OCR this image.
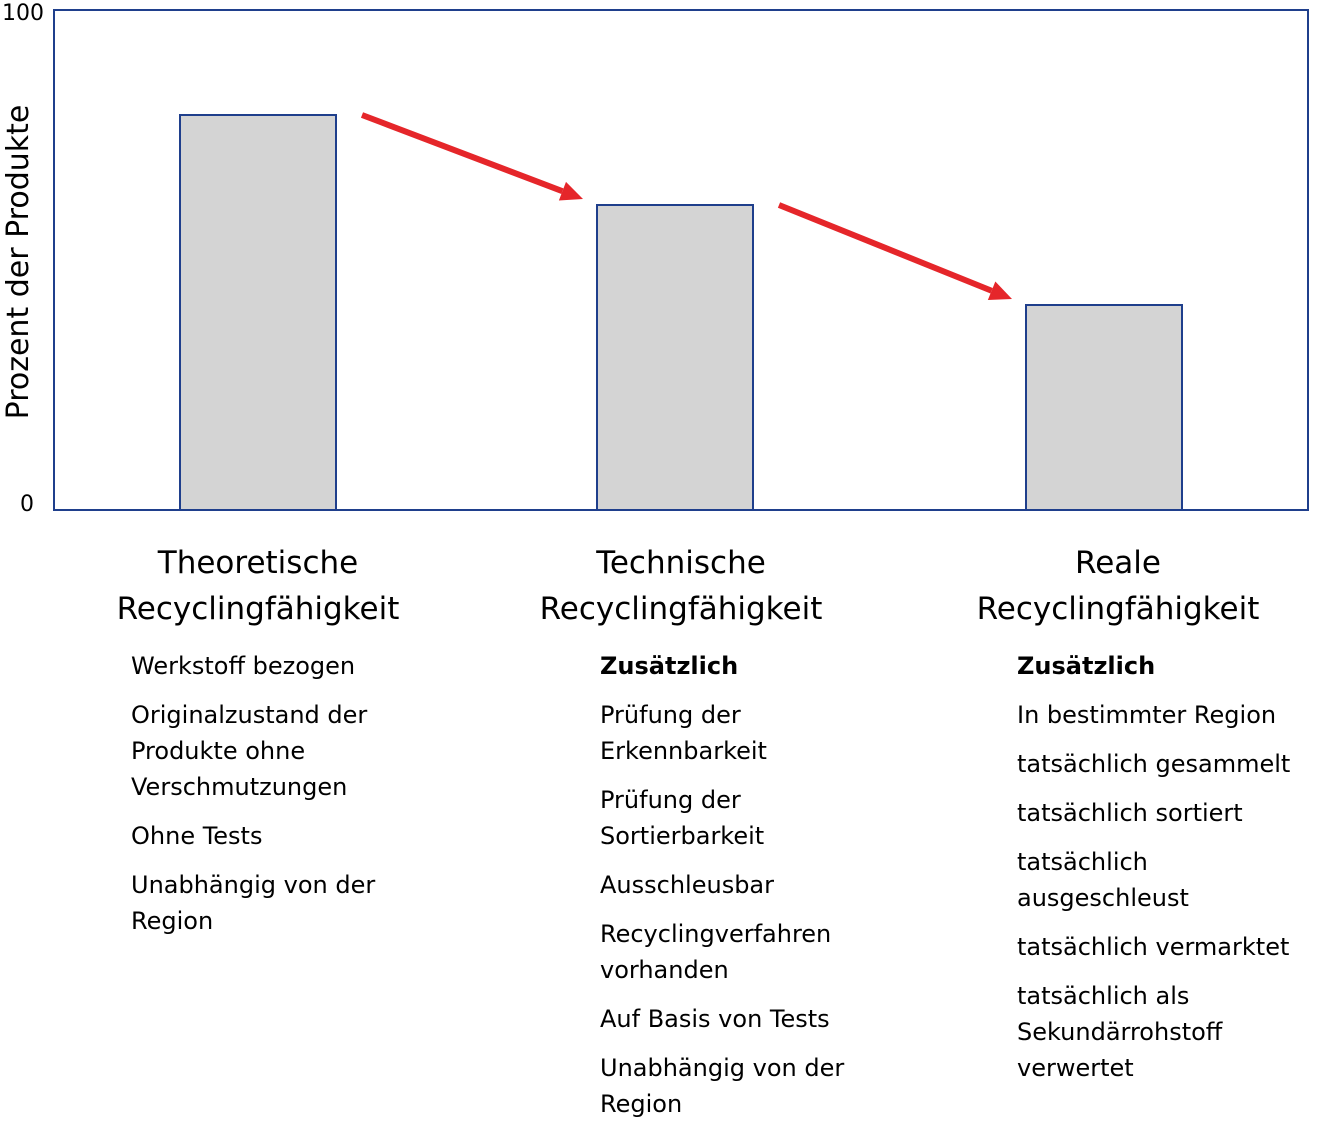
100
0
Prozent der Produkte
Theoretische
Recyclingfähigkeit
Technische
Recyclingfähigkeit
Reale
Recyclingfähigkeit
Werkstoff bezogen
Originalzustand der Produkte ohne Verschmutzungen
Ohne Tests
Unabhängig von der Region
Zusätzlich
Prüfung der Erkennbarkeit
Prüfung der Sortierbarkeit
Ausschleusbar
Recyclingverfahren vorhanden
Auf Basis von Tests
Unabhängig von der Region
Zusätzlich
In bestimmter Region
tatsächlich gesammelt
tatsächlich sortiert
tatsächlich ausgeschleust
tatsächlich vermarktet
tatsächlich als Sekundärrohstoff verwertet
